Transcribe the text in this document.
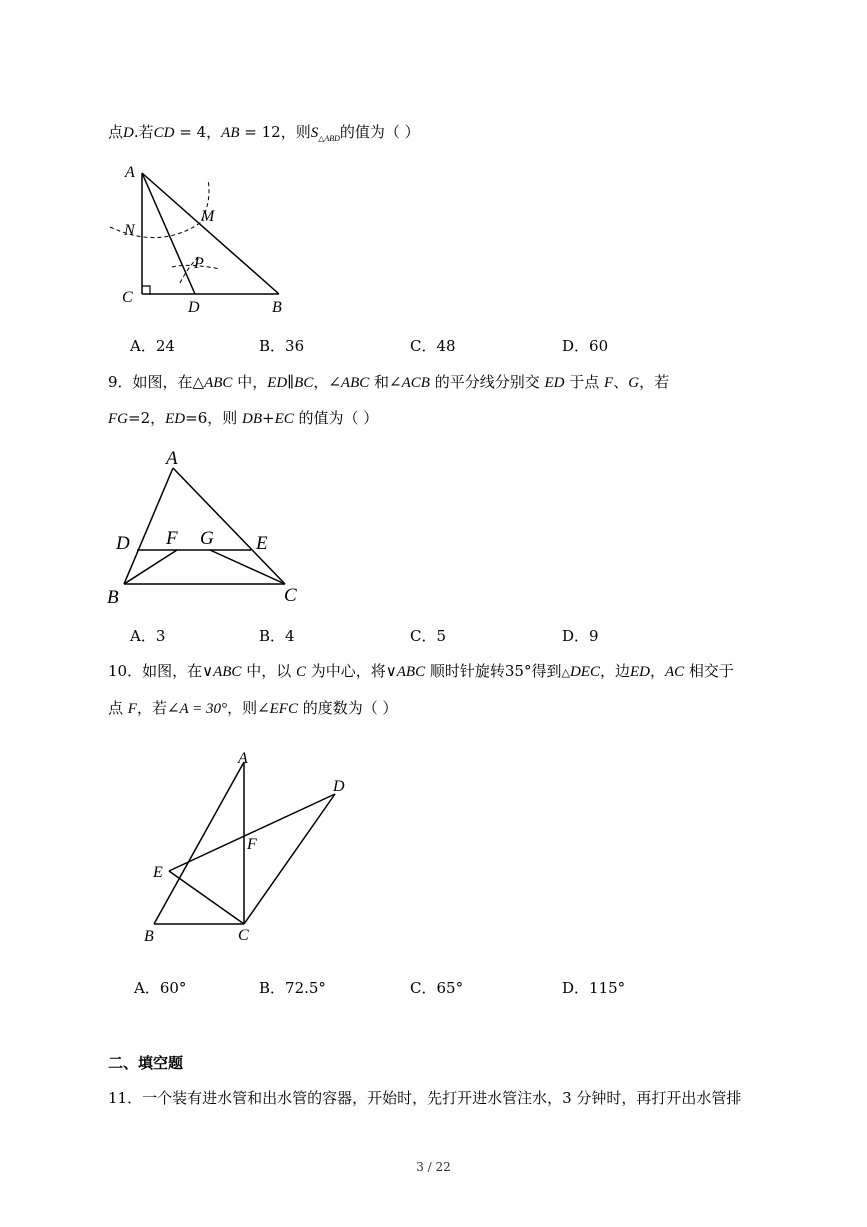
点D.若CD = 4，AB = 12，则$S_{\triangle ABD}$的值为（ ）
A
N
M
P
C
D	B
A．24	B．36	C．48	D．60
9．如图，在△ABC 中，ED∥BC，∠ABC 和∠ACB 的平分线分别交 ED 于点 F、G，若
FG=2，ED=6，则 DB+EC 的值为（ ）
A
D F G E
B	C
A．3	B．4	C．5	D．9
10．如图，在∨ABC 中，以 C 为中心，将∨ABC 顺时针旋转35°得到△DEC，边ED，AC 相交于
点 F，若∠A = 30°，则∠EFC 的度数为（ ）
A
D
F
E
B	C
A．60°	B．72.5°	C．65°	D．115°
二、填空题
11．一个装有进水管和出水管的容器，开始时，先打开进水管注水，3 分钟时，再打开出水管排
3 / 22
